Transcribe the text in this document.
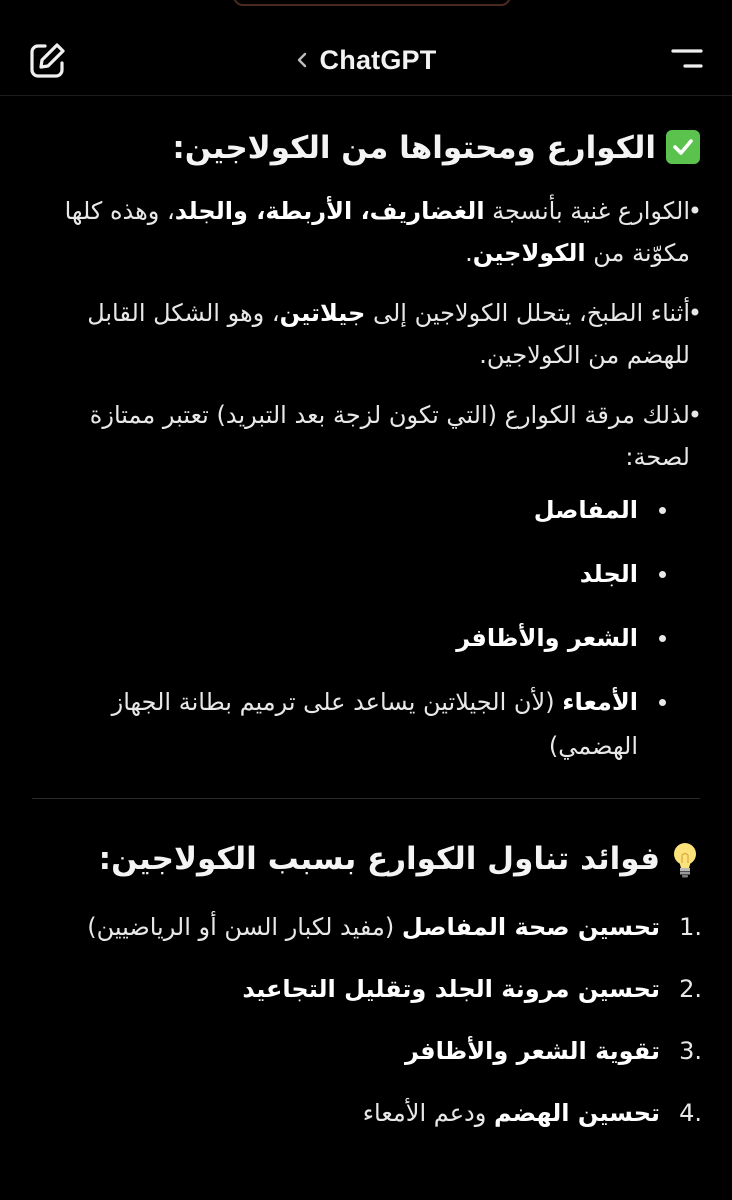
ChatGPT
الكوارع ومحتواها من الكولاجين:
• الكوارع غنية بأنسجة الغضاريف، الأربطة، والجلد، وهذه كلها مكوّنة من الكولاجين.
• أثناء الطبخ، يتحلل الكولاجين إلى جيلاتين، وهو الشكل القابل للهضم من الكولاجين.
• لذلك مرقة الكوارع (التي تكون لزجة بعد التبريد) تعتبر ممتازة لصحة:
المفاصل
الجلد
الشعر والأظافر
الأمعاء (لأن الجيلاتين يساعد على ترميم بطانة الجهاز الهضمي)
فوائد تناول الكوارع بسبب الكولاجين:
1.
تحسين صحة المفاصل (مفيد لكبار السن أو الرياضيين)
2.
تحسين مرونة الجلد وتقليل التجاعيد
3.
تقوية الشعر والأظافر
4.
تحسين الهضم ودعم الأمعاء
